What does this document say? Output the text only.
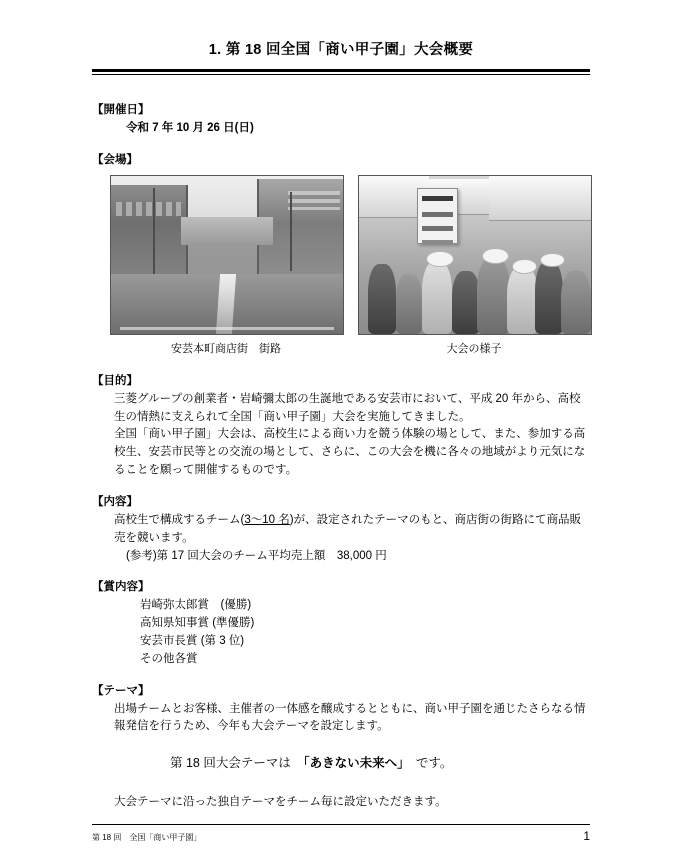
1. 第 18 回全国「商い甲子園」大会概要
【開催日】
令和 7 年 10 月 26 日(日)
【会場】
安芸本町商店街　街路	大会の様子
【目的】

三菱グループの創業者・岩崎彌太郎の生誕地である安芸市において、平成 20 年から、高校生の情熱に支えられて全国「商い甲子園」大会を実施してきました。

全国「商い甲子園」大会は、高校生による商い力を競う体験の場として、また、参加する高校生、安芸市民等との交流の場として、さらに、この大会を機に各々の地域がより元気になることを願って開催するものです。

【内容】

高校生で構成するチーム(3～10 名)が、設定されたテーマのもと、商店街の街路にて商品販売を競います。

(参考)第 17 回大会のチーム平均売上額　38,000 円

【賞内容】

岩崎弥太郎賞　(優勝)

高知県知事賞 (準優勝)

安芸市長賞 (第 3 位)

その他各賞

【テーマ】

出場チームとお客様、主催者の一体感を醸成するとともに、商い甲子園を通じたさらなる情報発信を行うため、今年も大会テーマを設定します。

第 18 回大会テーマは　「あきない未来へ」　です。

大会テーマに沿った独自テーマをチーム毎に設定いただきます。

第 18 回　全国「商い甲子園」	1
